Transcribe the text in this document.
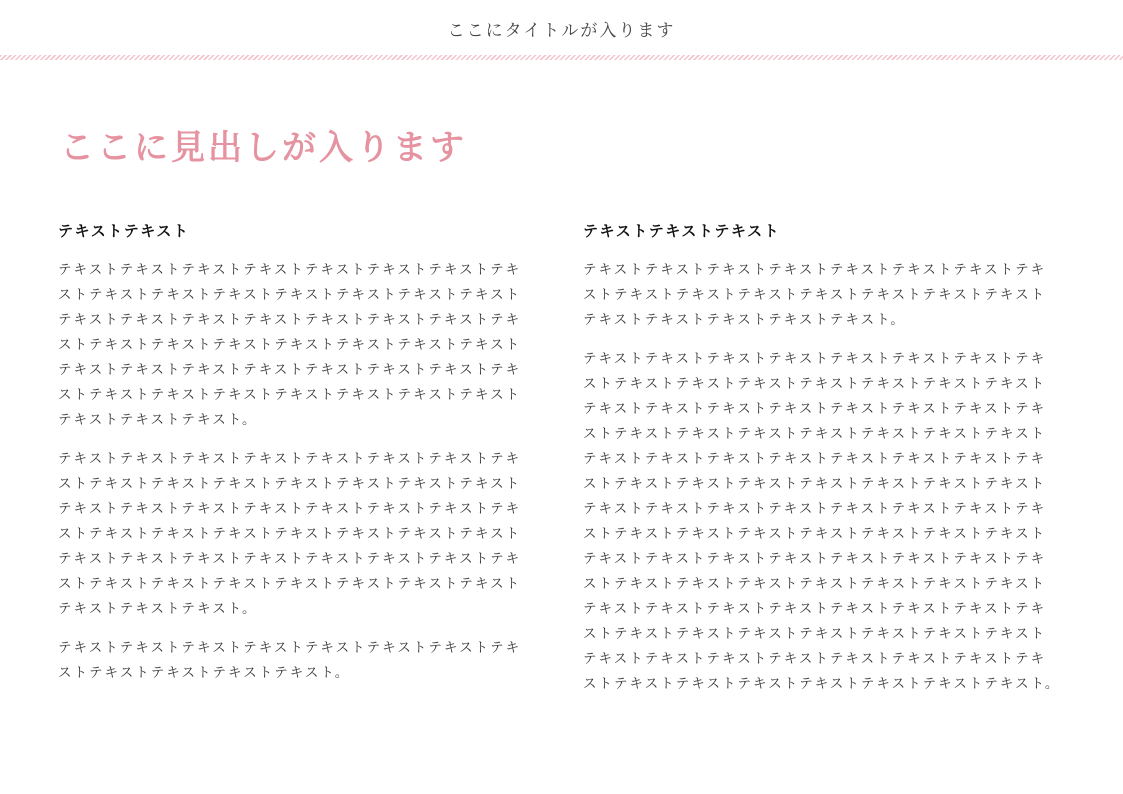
ここにタイトルが入ります
ここに見出しが入ります
テキストテキスト
テキストテキストテキストテキストテキストテキストテキストテキ
ストテキストテキストテキストテキストテキストテキストテキスト
テキストテキストテキストテキストテキストテキストテキストテキ
ストテキストテキストテキストテキストテキストテキストテキスト
テキストテキストテキストテキストテキストテキストテキストテキ
ストテキストテキストテキストテキストテキストテキストテキスト
テキストテキストテキスト。
テキストテキストテキストテキストテキストテキストテキストテキ
ストテキストテキストテキストテキストテキストテキストテキスト
テキストテキストテキストテキストテキストテキストテキストテキ
ストテキストテキストテキストテキストテキストテキストテキスト
テキストテキストテキストテキストテキストテキストテキストテキ
ストテキストテキストテキストテキストテキストテキストテキスト
テキストテキストテキスト。
テキストテキストテキストテキストテキストテキストテキストテキ
ストテキストテキストテキストテキスト。
テキストテキストテキスト
テキストテキストテキストテキストテキストテキストテキストテキ
ストテキストテキストテキストテキストテキストテキストテキスト
テキストテキストテキストテキストテキスト。
テキストテキストテキストテキストテキストテキストテキストテキ
ストテキストテキストテキストテキストテキストテキストテキスト
テキストテキストテキストテキストテキストテキストテキストテキ
ストテキストテキストテキストテキストテキストテキストテキスト
テキストテキストテキストテキストテキストテキストテキストテキ
ストテキストテキストテキストテキストテキストテキストテキスト
テキストテキストテキストテキストテキストテキストテキストテキ
ストテキストテキストテキストテキストテキストテキストテキスト
テキストテキストテキストテキストテキストテキストテキストテキ
ストテキストテキストテキストテキストテキストテキストテキスト
テキストテキストテキストテキストテキストテキストテキストテキ
ストテキストテキストテキストテキストテキストテキストテキスト
テキストテキストテキストテキストテキストテキストテキストテキ
ストテキストテキストテキストテキストテキストテキストテキスト。
